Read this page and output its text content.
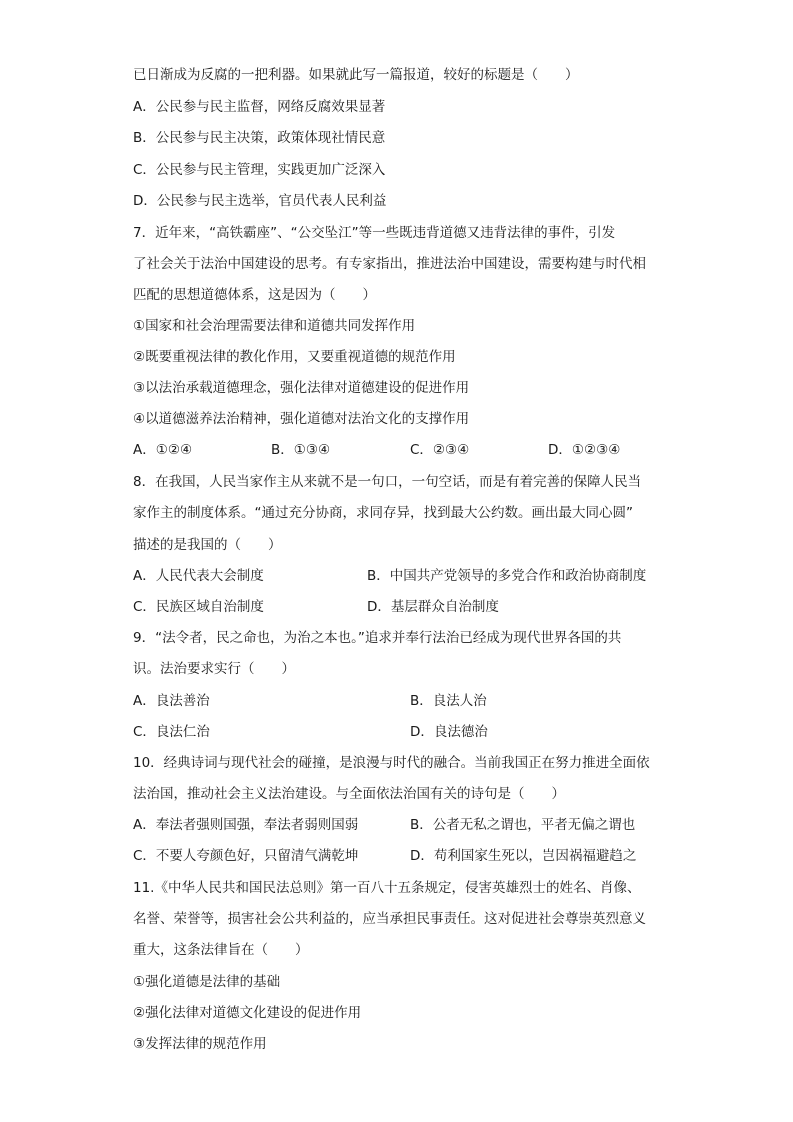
已日渐成为反腐的一把利器。如果就此写一篇报道，较好的标题是（　　）
A．公民参与民主监督，网络反腐效果显著
B．公民参与民主决策，政策体现社情民意
C．公民参与民主管理，实践更加广泛深入
D．公民参与民主选举，官员代表人民利益
7．近年来，“高铁霸座”、“公交坠江”等一些既违背道德又违背法律的事件，引发
了社会关于法治中国建设的思考。有专家指出，推进法治中国建设，需要构建与时代相
匹配的思想道德体系，这是因为（　　）
①国家和社会治理需要法律和道德共同发挥作用
②既要重视法律的教化作用，又要重视道德的规范作用
③以法治承载道德理念，强化法律对道德建设的促进作用
④以道德滋养法治精神，强化道德对法治文化的支撑作用
A．①②④	B．①③④	C．②③④	D．①②③④
8．在我国，人民当家作主从来就不是一句口，一句空话，而是有着完善的保障人民当
家作主的制度体系。“通过充分协商，求同存异，找到最大公约数。画出最大同心圆”
描述的是我国的（　　）
A．人民代表大会制度	B．中国共产党领导的多党合作和政治协商制度
C．民族区域自治制度	D．基层群众自治制度
9．“法令者，民之命也，为治之本也。”追求并奉行法治已经成为现代世界各国的共
识。法治要求实行（　　）
A．良法善治	B．良法人治
C．良法仁治	D．良法德治
10．经典诗词与现代社会的碰撞，是浪漫与时代的融合。当前我国正在努力推进全面依
法治国，推动社会主义法治建设。与全面依法治国有关的诗句是（　　）
A．奉法者强则国强，奉法者弱则国弱	B．公者无私之谓也，平者无偏之谓也
C．不要人夸颜色好，只留清气满乾坤	D．苟利国家生死以，岂因祸福避趋之
11.《中华人民共和国民法总则》第一百八十五条规定，侵害英雄烈士的姓名、肖像、
名誉、荣誉等，损害社会公共利益的，应当承担民事责任。这对促进社会尊崇英烈意义
重大，这条法律旨在（　　）
①强化道德是法律的基础
②强化法律对道德文化建设的促进作用
③发挥法律的规范作用
